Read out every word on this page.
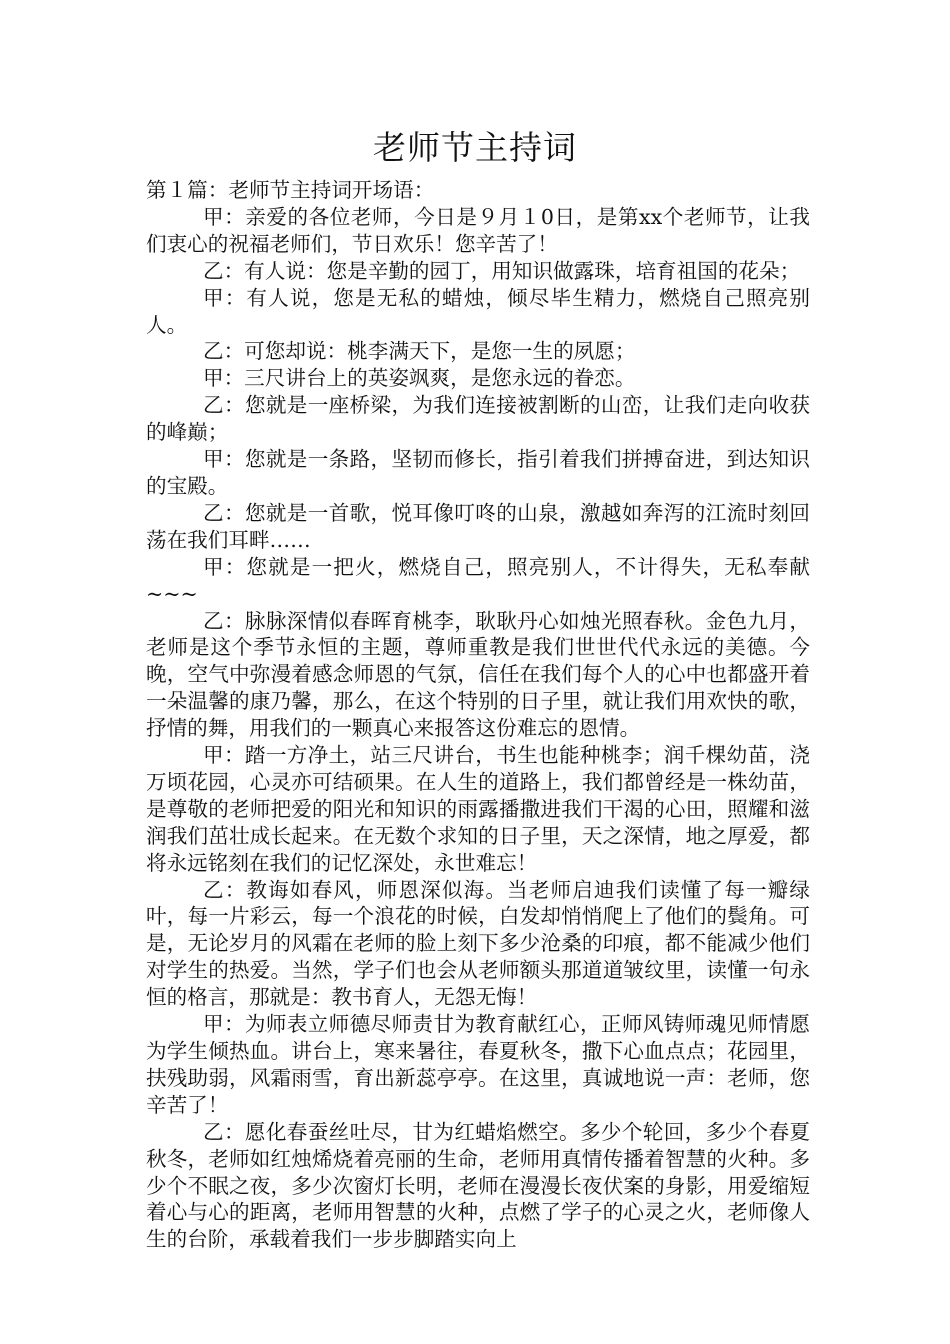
老师节主持词

第１篇：老师节主持词开场语：

甲：亲爱的各位老师，今日是９月１0日，是第xx个老师节，让我们衷心的祝福老师们，节日欢乐！您辛苦了！

乙：有人说：您是辛勤的园丁，用知识做露珠，培育祖国的花朵；

甲：有人说，您是无私的蜡烛，倾尽毕生精力，燃烧自己照亮别人。

乙：可您却说：桃李满天下，是您一生的夙愿；

甲：三尺讲台上的英姿飒爽，是您永远的眷恋。

乙：您就是一座桥梁，为我们连接被割断的山峦，让我们走向收获的峰巅；

甲：您就是一条路，坚韧而修长，指引着我们拼搏奋进，到达知识的宝殿。

乙：您就是一首歌，悦耳像叮咚的山泉，激越如奔泻的江流时刻回荡在我们耳畔……

甲：您就是一把火，燃烧自己，照亮别人，不计得失，无私奉献~~~

乙：脉脉深情似春晖育桃李，耿耿丹心如烛光照春秋。金色九月，老师是这个季节永恒的主题，尊师重教是我们世世代代永远的美德。今晚，空气中弥漫着感念师恩的气氛，信任在我们每个人的心中也都盛开着一朵温馨的康乃馨，那么，在这个特别的日子里，就让我们用欢快的歌，抒情的舞，用我们的一颗真心来报答这份难忘的恩情。

甲：踏一方净土，站三尺讲台，书生也能种桃李；润千棵幼苗，浇万顷花园，心灵亦可结硕果。在人生的道路上，我们都曾经是一株幼苗，是尊敬的老师把爱的阳光和知识的雨露播撒进我们干渴的心田，照耀和滋润我们茁壮成长起来。在无数个求知的日子里，天之深情，地之厚爱，都将永远铭刻在我们的记忆深处，永世难忘！

乙：教诲如春风，师恩深似海。当老师启迪我们读懂了每一瓣绿叶，每一片彩云，每一个浪花的时候，白发却悄悄爬上了他们的鬓角。可是，无论岁月的风霜在老师的脸上刻下多少沧桑的印痕，都不能减少他们对学生的热爱。当然，学子们也会从老师额头那道道皱纹里，读懂一句永恒的格言，那就是：教书育人，无怨无悔！

甲：为师表立师德尽师责甘为教育献红心，正师风铸师魂见师情愿为学生倾热血。讲台上，寒来暑往，春夏秋冬，撒下心血点点；花园里，扶残助弱，风霜雨雪，育出新蕊亭亭。在这里，真诚地说一声：老师，您辛苦了！

乙：愿化春蚕丝吐尽，甘为红蜡焰燃空。多少个轮回，多少个春夏秋冬，老师如红烛烯烧着亮丽的生命，老师用真情传播着智慧的火种。多少个不眠之夜，多少次窗灯长明，老师在漫漫长夜伏案的身影，用爱缩短着心与心的距离，老师用智慧的火种，点燃了学子的心灵之火，老师像人生的台阶，承载着我们一步步脚踏实向上
